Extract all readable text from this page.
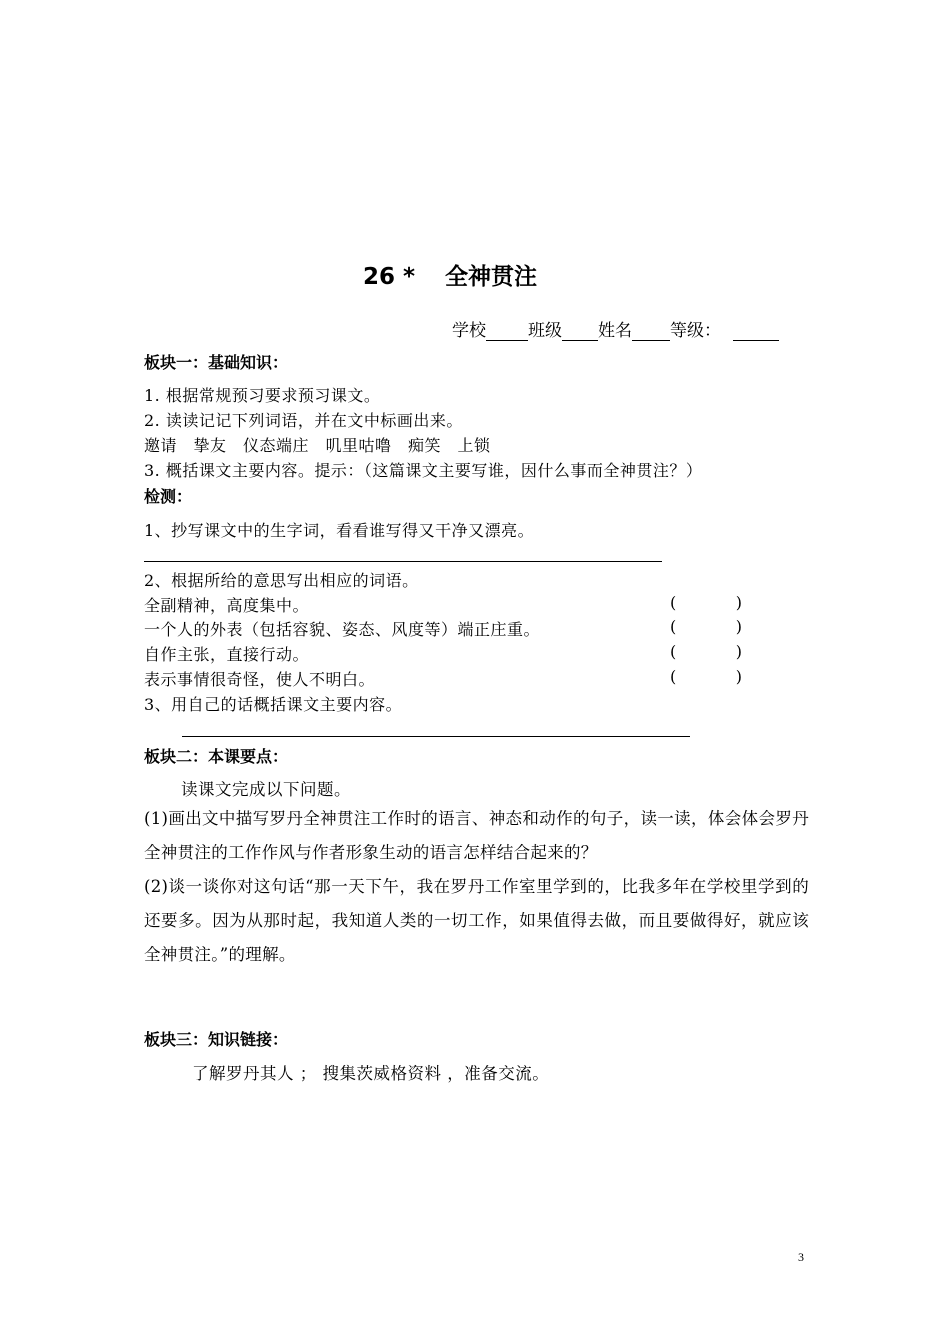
26 * 全神贯注
学校 班级 姓名 等级：
板块一：基础知识：
1. 根据常规预习要求预习课文。
2. 读读记记下列词语，并在文中标画出来。
邀请　挚友　仪态端庄　叽里咕噜　痴笑　上锁
3. 概括课文主要内容。提示：（这篇课文主要写谁，因什么事而全神贯注？）
检测：
1、抄写课文中的生字词，看看谁写得又干净又漂亮。
2、根据所给的意思写出相应的词语。
全副精神，高度集中。	(	)
一个人的外表（包括容貌、姿态、风度等）端正庄重。	(	)
自作主张，直接行动。	(	)
表示事情很奇怪，使人不明白。	(	)
3、用自己的话概括课文主要内容。
板块二：本课要点：
读课文完成以下问题。
(1)画出文中描写罗丹全神贯注工作时的语言、神态和动作的句子，读一读，体会体会罗丹全神贯注的工作作风与作者形象生动的语言怎样结合起来的？
(2)谈一谈你对这句话“那一天下午，我在罗丹工作室里学到的，比我多年在学校里学到的还要多。因为从那时起，我知道人类的一切工作，如果值得去做，而且要做得好，就应该全神贯注。”的理解。
板块三：知识链接：
了解罗丹其人 ； 搜集茨威格资料 ，准备交流。
3
